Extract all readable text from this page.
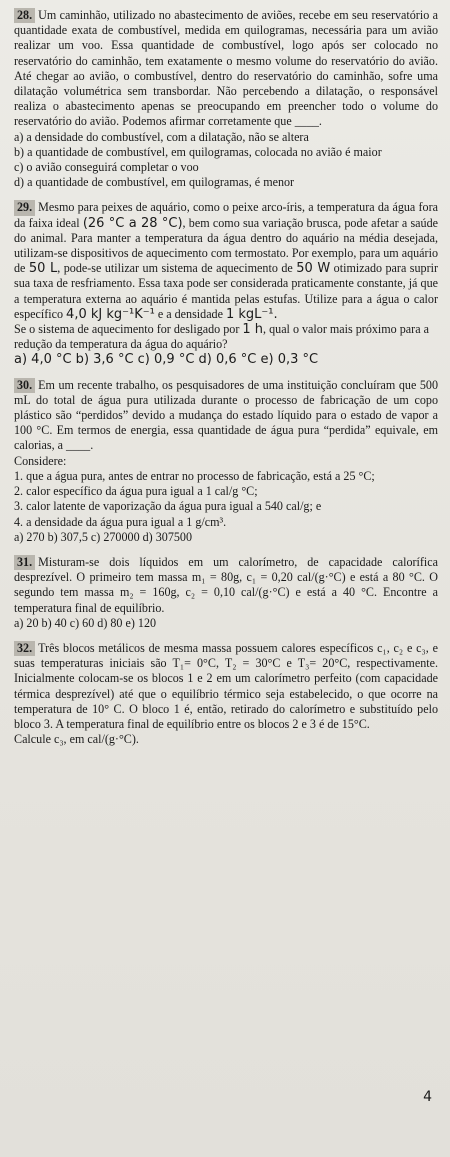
28. Um caminhão, utilizado no abastecimento de aviões, recebe em seu reservatório a quantidade exata de combustível, medida em quilogramas, necessária para um avião realizar um voo. Essa quantidade de combustível, logo após ser colocado no reservatório do caminhão, tem exatamente o mesmo volume do reservatório do avião. Até chegar ao avião, o combustível, dentro do reservatório do caminhão, sofre uma dilatação volumétrica sem transbordar. Não percebendo a dilatação, o responsável realiza o abastecimento apenas se preocupando em preencher todo o volume do reservatório do avião. Podemos afirmar corretamente que ____.
a) a densidade do combustível, com a dilatação, não se altera
b) a quantidade de combustível, em quilogramas, colocada no avião é maior
c) o avião conseguirá completar o voo
d) a quantidade de combustível, em quilogramas, é menor
29. Mesmo para peixes de aquário, como o peixe arco-íris, a temperatura da água fora da faixa ideal (26 °C a 28 °C), bem como sua variação brusca, pode afetar a saúde do animal. Para manter a temperatura da água dentro do aquário na média desejada, utilizam-se dispositivos de aquecimento com termostato. Por exemplo, para um aquário de 50 L, pode-se utilizar um sistema de aquecimento de 50 W otimizado para suprir sua taxa de resfriamento. Essa taxa pode ser considerada praticamente constante, já que a temperatura externa ao aquário é mantida pelas estufas. Utilize para a água o calor específico 4,0 kJ kg⁻¹K⁻¹ e a densidade 1 kgL⁻¹.
Se o sistema de aquecimento for desligado por 1 h, qual o valor mais próximo para a redução da temperatura da água do aquário?
a) 4,0 °C b) 3,6 °C c) 0,9 °C d) 0,6 °C e) 0,3 °C
30. Em um recente trabalho, os pesquisadores de uma instituição concluíram que 500 mL do total de água pura utilizada durante o processo de fabricação de um copo plástico são “perdidos” devido a mudança do estado líquido para o estado de vapor a 100 °C. Em termos de energia, essa quantidade de água pura “perdida” equivale, em calorias, a ____.
Considere:
1. que a água pura, antes de entrar no processo de fabricação, está a 25 °C;
2. calor específico da água pura igual a 1 cal/g °C;
3. calor latente de vaporização da água pura igual a 540 cal/g; e
4. a densidade da água pura igual a 1 g/cm³.
a) 270 b) 307,5 c) 270000 d) 307500
31. Misturam-se dois líquidos em um calorímetro, de capacidade calorífica desprezível. O primeiro tem massa m₁ = 80g, c₁ = 0,20 cal/(g·°C) e está a 80 °C. O segundo tem massa m₂ = 160g, c₂ = 0,10 cal/(g·°C) e está a 40 °C. Encontre a temperatura final de equilíbrio.
a) 20 b) 40 c) 60 d) 80 e) 120
32. Três blocos metálicos de mesma massa possuem calores específicos c₁, c₂ e c₃, e suas temperaturas iniciais são T₁= 0°C, T₂ = 30°C e T₃= 20°C, respectivamente. Inicialmente colocam-se os blocos 1 e 2 em um calorímetro perfeito (com capacidade térmica desprezível) até que o equilíbrio térmico seja estabelecido, o que ocorre na temperatura de 10° C. O bloco 1 é, então, retirado do calorímetro e substituído pelo bloco 3. A temperatura final de equilíbrio entre os blocos 2 e 3 é de 15°C.
Calcule c₃, em cal/(g·°C).
4
